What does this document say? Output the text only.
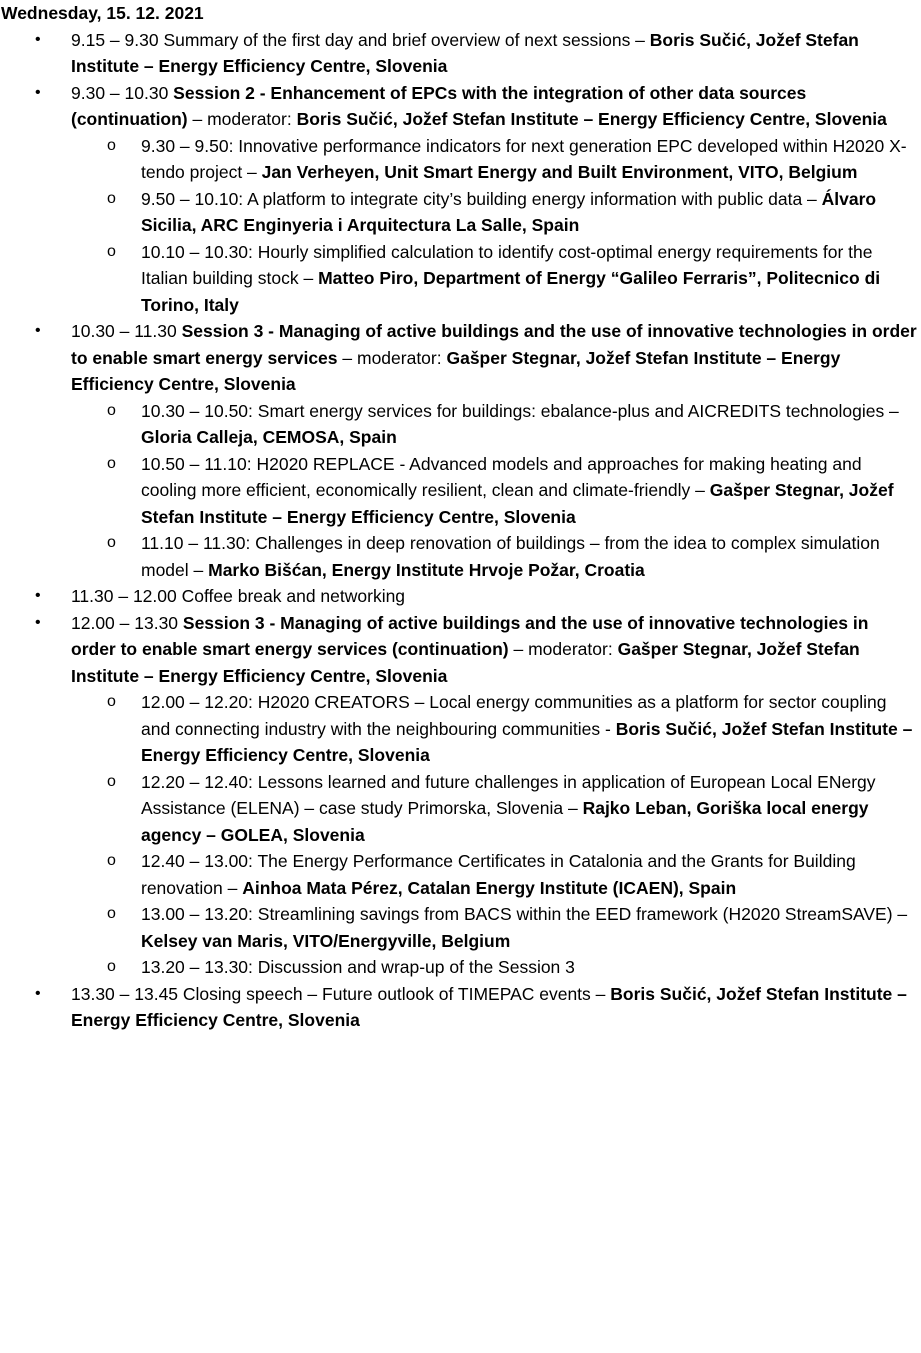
Wednesday, 15. 12. 2021
• 9.15 – 9.30 Summary of the first day and brief overview of next sessions – Boris Sučić, Jožef Stefan Institute – Energy Efficiency Centre, Slovenia
• 9.30 – 10.30 Session 2 - Enhancement of EPCs with the integration of other data sources (continuation) – moderator: Boris Sučić, Jožef Stefan Institute – Energy Efficiency Centre, Slovenia
o 9.30 – 9.50: Innovative performance indicators for next generation EPC developed within H2020 X-tendo project – Jan Verheyen, Unit Smart Energy and Built Environment, VITO, Belgium
o 9.50 – 10.10: A platform to integrate city’s building energy information with public data – Álvaro Sicilia, ARC Enginyeria i Arquitectura La Salle, Spain
o 10.10 – 10.30: Hourly simplified calculation to identify cost-optimal energy requirements for the Italian building stock – Matteo Piro, Department of Energy “Galileo Ferraris”, Politecnico di Torino, Italy
• 10.30 – 11.30 Session 3 - Managing of active buildings and the use of innovative technologies in order to enable smart energy services – moderator: Gašper Stegnar, Jožef Stefan Institute – Energy Efficiency Centre, Slovenia
o 10.30 – 10.50: Smart energy services for buildings: ebalance-plus and AICREDITS technologies – Gloria Calleja, CEMOSA, Spain
o 10.50 – 11.10: H2020 REPLACE - Advanced models and approaches for making heating and cooling more efficient, economically resilient, clean and climate-friendly – Gašper Stegnar, Jožef Stefan Institute – Energy Efficiency Centre, Slovenia
o 11.10 – 11.30: Challenges in deep renovation of buildings – from the idea to complex simulation model – Marko Bišćan, Energy Institute Hrvoje Požar, Croatia
• 11.30 – 12.00 Coffee break and networking
• 12.00 – 13.30 Session 3 - Managing of active buildings and the use of innovative technologies in order to enable smart energy services (continuation) – moderator: Gašper Stegnar, Jožef Stefan Institute – Energy Efficiency Centre, Slovenia
o 12.00 – 12.20: H2020 CREATORS – Local energy communities as a platform for sector coupling and connecting industry with the neighbouring communities - Boris Sučić, Jožef Stefan Institute – Energy Efficiency Centre, Slovenia
o 12.20 – 12.40: Lessons learned and future challenges in application of European Local ENergy Assistance (ELENA) – case study Primorska, Slovenia – Rajko Leban, Goriška local energy agency – GOLEA, Slovenia
o 12.40 – 13.00: The Energy Performance Certificates in Catalonia and the Grants for Building renovation – Ainhoa Mata Pérez, Catalan Energy Institute (ICAEN), Spain
o 13.00 – 13.20: Streamlining savings from BACS within the EED framework (H2020 StreamSAVE) – Kelsey van Maris, VITO/Energyville, Belgium
o 13.20 – 13.30: Discussion and wrap-up of the Session 3
• 13.30 – 13.45 Closing speech – Future outlook of TIMEPAC events – Boris Sučić, Jožef Stefan Institute – Energy Efficiency Centre, Slovenia
